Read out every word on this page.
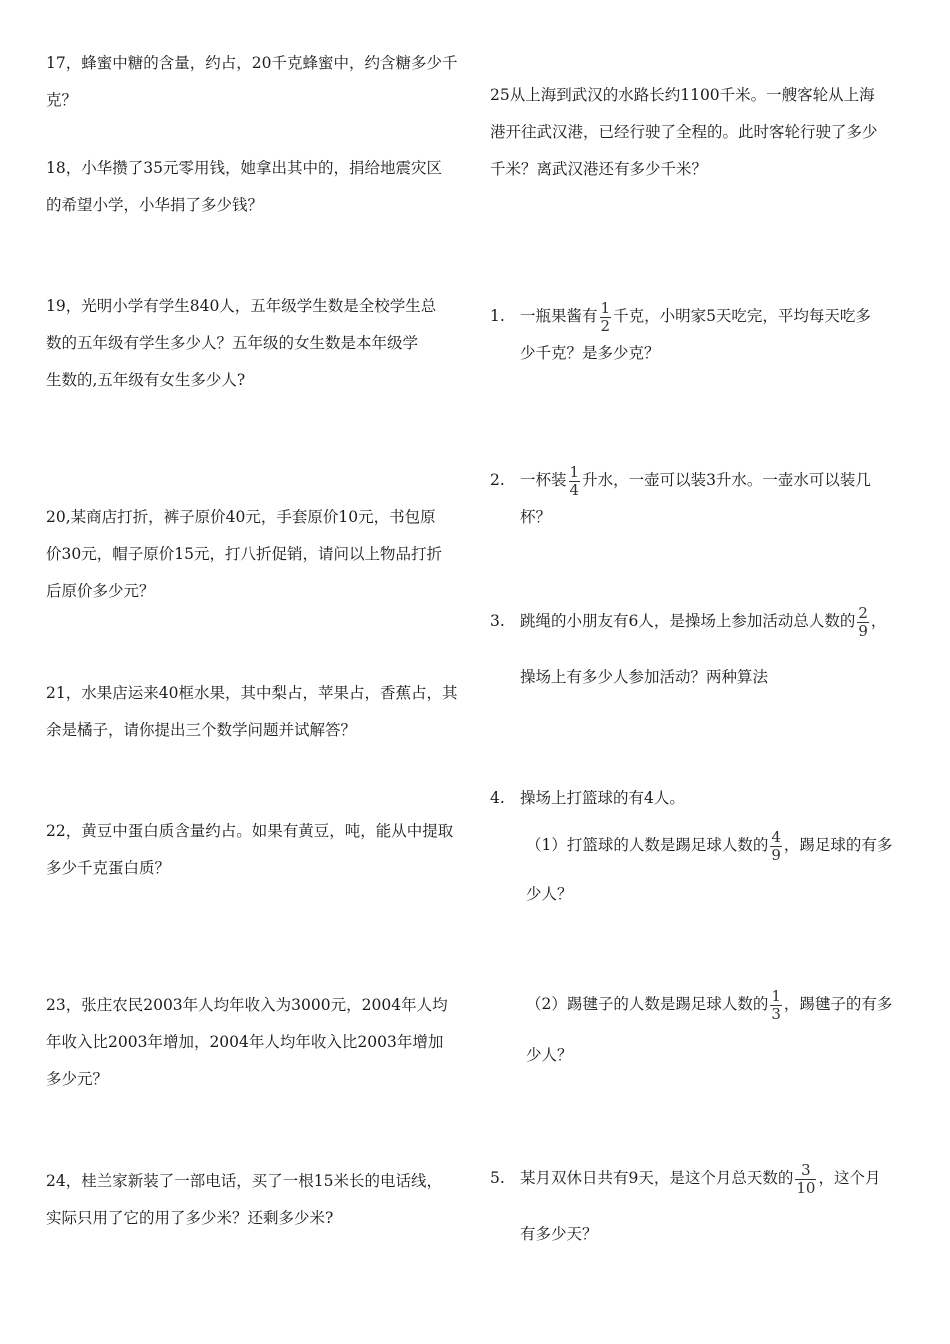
17，蜂蜜中糖的含量，约占，20千克蜂蜜中，约含糖多少千
克？

18，小华攒了35元零用钱，她拿出其中的，捐给地震灾区
的希望小学，小华捐了多少钱？

19，光明小学有学生840人，五年级学生数是全校学生总
数的五年级有学生多少人？五年级的女生数是本年级学
生数的,五年级有女生多少人?

20,某商店打折，裤子原价40元，手套原价10元，书包原
价30元，帽子原价15元，打八折促销，请问以上物品打折
后原价多少元？

21，水果店运来40框水果，其中梨占，苹果占，香蕉占，其
余是橘子，请你提出三个数学问题并试解答？

22，黄豆中蛋白质含量约占。如果有黄豆，吨，能从中提取
多少千克蛋白质？

23，张庄农民2003年人均年收入为3000元，2004年人均
年收入比2003年增加，2004年人均年收入比2003年增加
多少元？

24，桂兰家新装了一部电话，买了一根15米长的电话线，
实际只用了它的用了多少米？还剩多少米?

25从上海到武汉的水路长约1100千米。一艘客轮从上海
港开往武汉港，已经行驶了全程的。此时客轮行驶了多少
千米？离武汉港还有多少千米？

1. 一瓶果酱有 $\frac{1}{2}$ 千克，小明家5天吃完，平均每天吃多
少千克？是多少克？

2. 一杯装 $\frac{1}{4}$ 升水，一壶可以装3升水。一壶水可以装几
杯？

3. 跳绳的小朋友有6人，是操场上参加活动总人数的 $\frac{2}{9}$ ，
操场上有多少人参加活动？两种算法

4. 操场上打篮球的有4人。
（1）打篮球的人数是踢足球人数的 $\frac{4}{9}$ ，踢足球的有多
少人？
（2）踢毽子的人数是踢足球人数的 $\frac{1}{3}$ ，踢毽子的有多
少人？

5. 某月双休日共有9天，是这个月总天数的 $\frac{3}{10}$ ，这个月
有多少天？
